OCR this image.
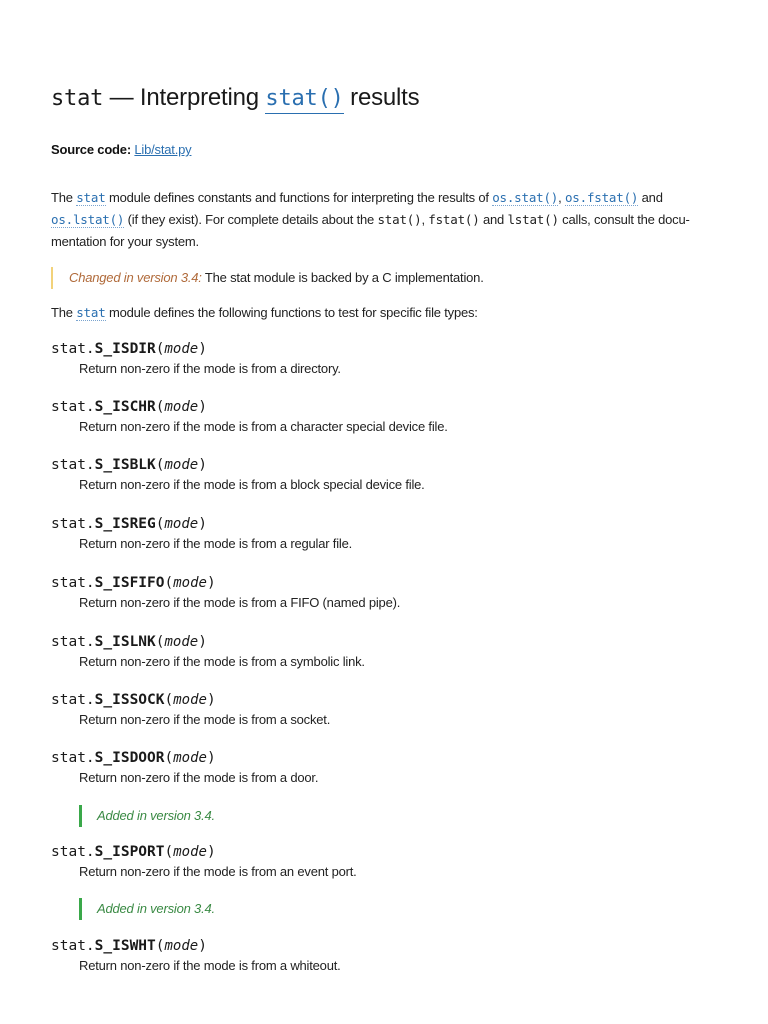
stat — Interpreting stat() results
Source code: Lib/stat.py
The stat module defines constants and functions for interpreting the results of os.stat(), os.fstat() and
os.lstat() (if they exist). For complete details about the stat(), fstat() and lstat() calls, consult the docu-
mentation for your system.
Changed in version 3.4: The stat module is backed by a C implementation.
The stat module defines the following functions to test for specific file types:
stat.S_ISDIR(mode)
Return non-zero if the mode is from a directory.
stat.S_ISCHR(mode)
Return non-zero if the mode is from a character special device file.
stat.S_ISBLK(mode)
Return non-zero if the mode is from a block special device file.
stat.S_ISREG(mode)
Return non-zero if the mode is from a regular file.
stat.S_ISFIFO(mode)
Return non-zero if the mode is from a FIFO (named pipe).
stat.S_ISLNK(mode)
Return non-zero if the mode is from a symbolic link.
stat.S_ISSOCK(mode)
Return non-zero if the mode is from a socket.
stat.S_ISDOOR(mode)
Return non-zero if the mode is from a door.
Added in version 3.4.
stat.S_ISPORT(mode)
Return non-zero if the mode is from an event port.
Added in version 3.4.
stat.S_ISWHT(mode)
Return non-zero if the mode is from a whiteout.
